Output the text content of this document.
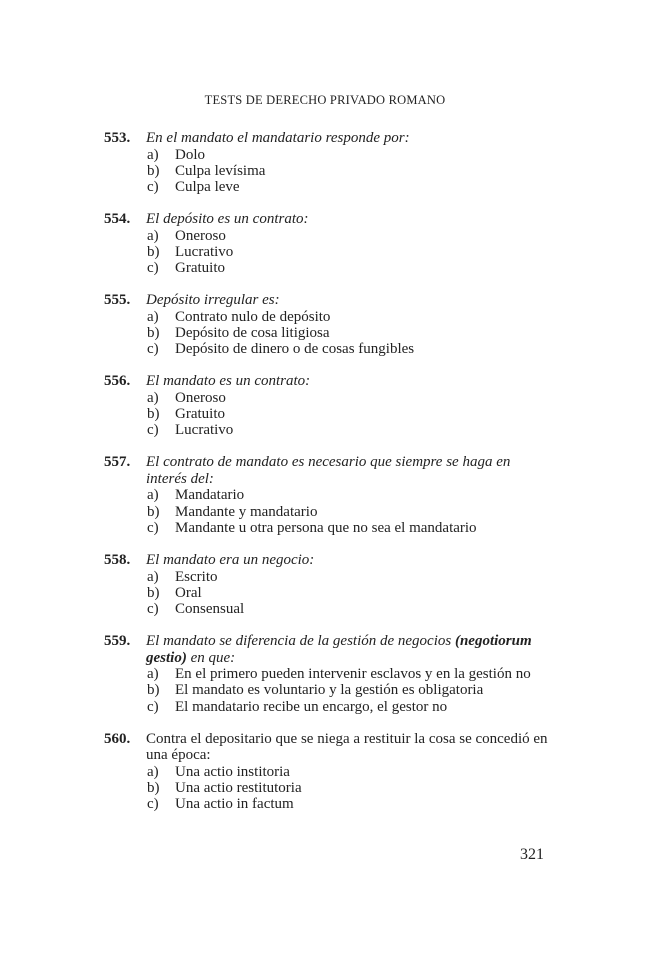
TESTS DE DERECHO PRIVADO ROMANO
553. En el mandato el mandatario responde por:
a)	Dolo
b)	Culpa levísima
c)	Culpa leve
554. El depósito es un contrato:
a)	Oneroso
b)	Lucrativo
c)	Gratuito
555. Depósito irregular es:
a)	Contrato nulo de depósito
b)	Depósito de cosa litigiosa
c)	Depósito de dinero o de cosas fungibles
556. El mandato es un contrato:
a)	Oneroso
b)	Gratuito
c)	Lucrativo
557. El contrato de mandato es necesario que siempre se haga en interés del:
a)	Mandatario
b)	Mandante y mandatario
c)	Mandante u otra persona que no sea el mandatario
558. El mandato era un negocio:
a)	Escrito
b)	Oral
c)	Consensual
559. El mandato se diferencia de la gestión de negocios (negotiorum gestio) en que:
a)	En el primero pueden intervenir esclavos y en la gestión no
b)	El mandato es voluntario y la gestión es obligatoria
c)	El mandatario recibe un encargo, el gestor no
560. Contra el depositario que se niega a restituir la cosa se concedió en una época:
a)	Una actio institoria
b)	Una actio restitutoria
c)	Una actio in factum
321
